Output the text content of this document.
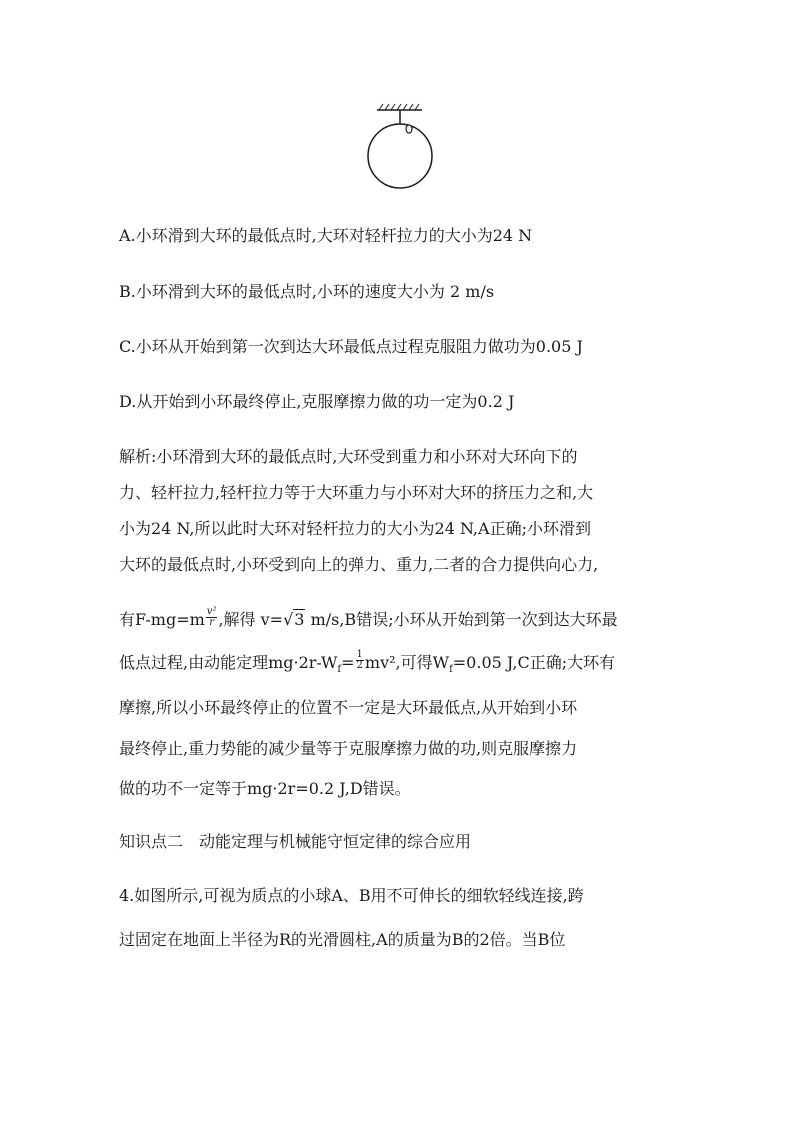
A.小环滑到大环的最低点时,大环对轻杆拉力的大小为24 N
B.小环滑到大环的最低点时,小环的速度大小为 2 m/s
C.小环从开始到第一次到达大环最低点过程克服阻力做功为0.05 J
D.从开始到小环最终停止,克服摩擦力做的功一定为0.2 J
解析:小环滑到大环的最低点时,大环受到重力和小环对大环向下的
力、轻杆拉力,轻杆拉力等于大环重力与小环对大环的挤压力之和,大
小为24 N,所以此时大环对轻杆拉力的大小为24 N,A正确;小环滑到
大环的最低点时,小环受到向上的弹力、重力,二者的合力提供向心力,
有$F-mg=m \frac{\text{v²}}{r}$ ,解得 v=√3 m/s,B错误;小环从开始到第一次到达大环最
低点过程,由动能定理$mg\cdot 2r-W_f= \frac{1}{2} mv^2$,可得$W_f=0.05$ J,C正确;大环有
摩擦,所以小环最终停止的位置不一定是大环最低点,从开始到小环
最终停止,重力势能的减少量等于克服摩擦力做的功,则克服摩擦力
做的功不一定等于mg·2r=0.2 J,D错误。
知识点二　动能定理与机械能守恒定律的综合应用
4.如图所示,可视为质点的小球A、B用不可伸长的细软轻线连接,跨
过固定在地面上半径为R的光滑圆柱,A的质量为B的2倍。当B位
